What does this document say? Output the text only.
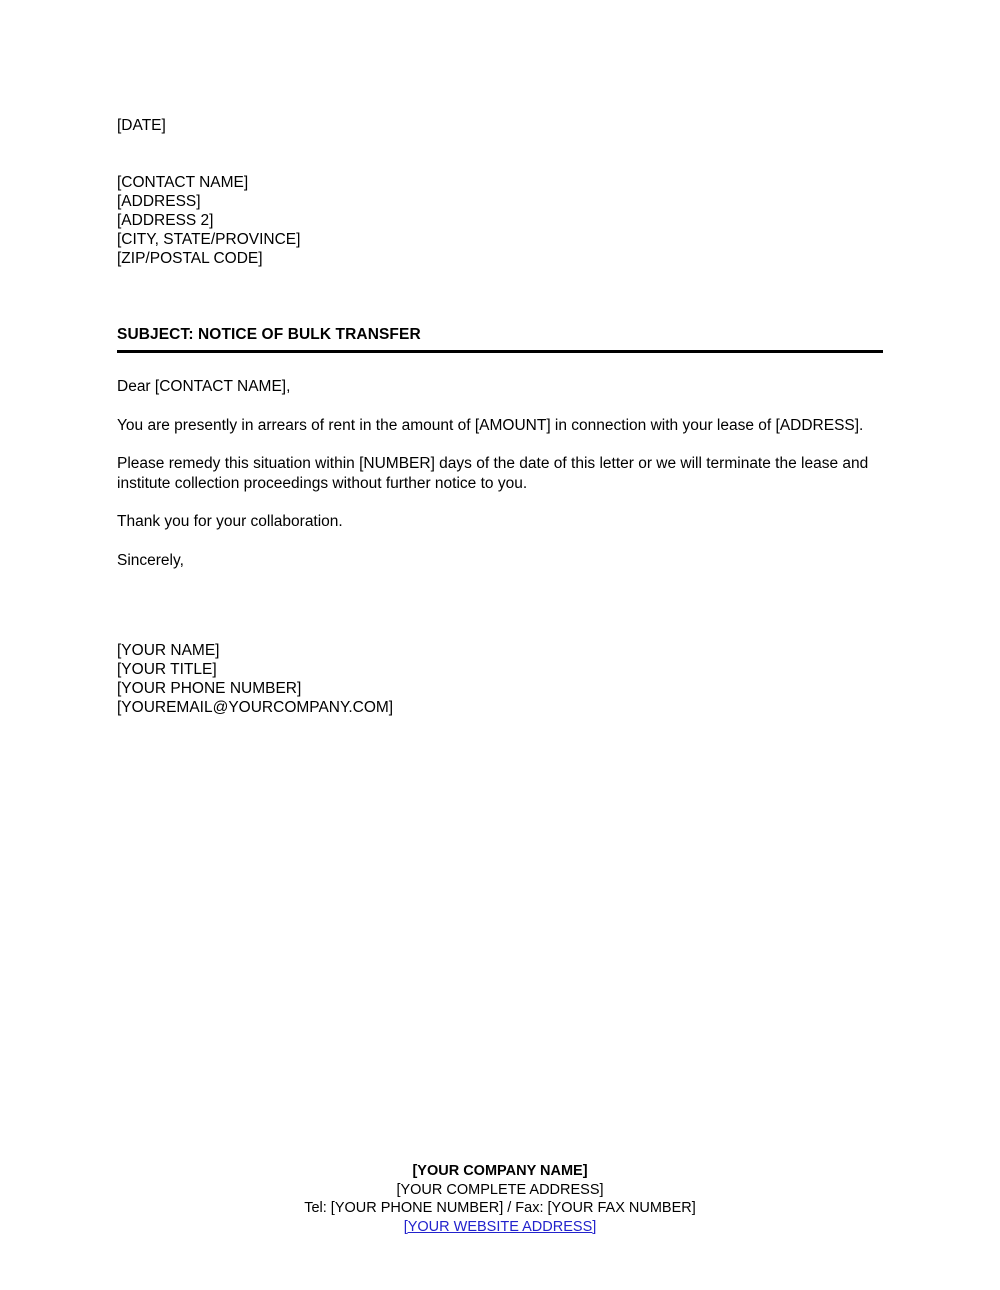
[DATE]
[CONTACT NAME]
[ADDRESS]
[ADDRESS 2]
[CITY, STATE/PROVINCE]
[ZIP/POSTAL CODE]
SUBJECT: NOTICE OF BULK TRANSFER

Dear [CONTACT NAME],

You are presently in arrears of rent in the amount of [AMOUNT] in connection with your lease of [ADDRESS].

Please remedy this situation within [NUMBER] days of the date of this letter or we will terminate the lease and institute collection proceedings without further notice to you.

Thank you for your collaboration.

Sincerely,

[YOUR NAME]
[YOUR TITLE]
[YOUR PHONE NUMBER]
[YOUREMAIL@YOURCOMPANY.COM]
[YOUR COMPANY NAME]
[YOUR COMPLETE ADDRESS]
Tel: [YOUR PHONE NUMBER] / Fax: [YOUR FAX NUMBER]
[YOUR WEBSITE ADDRESS]
